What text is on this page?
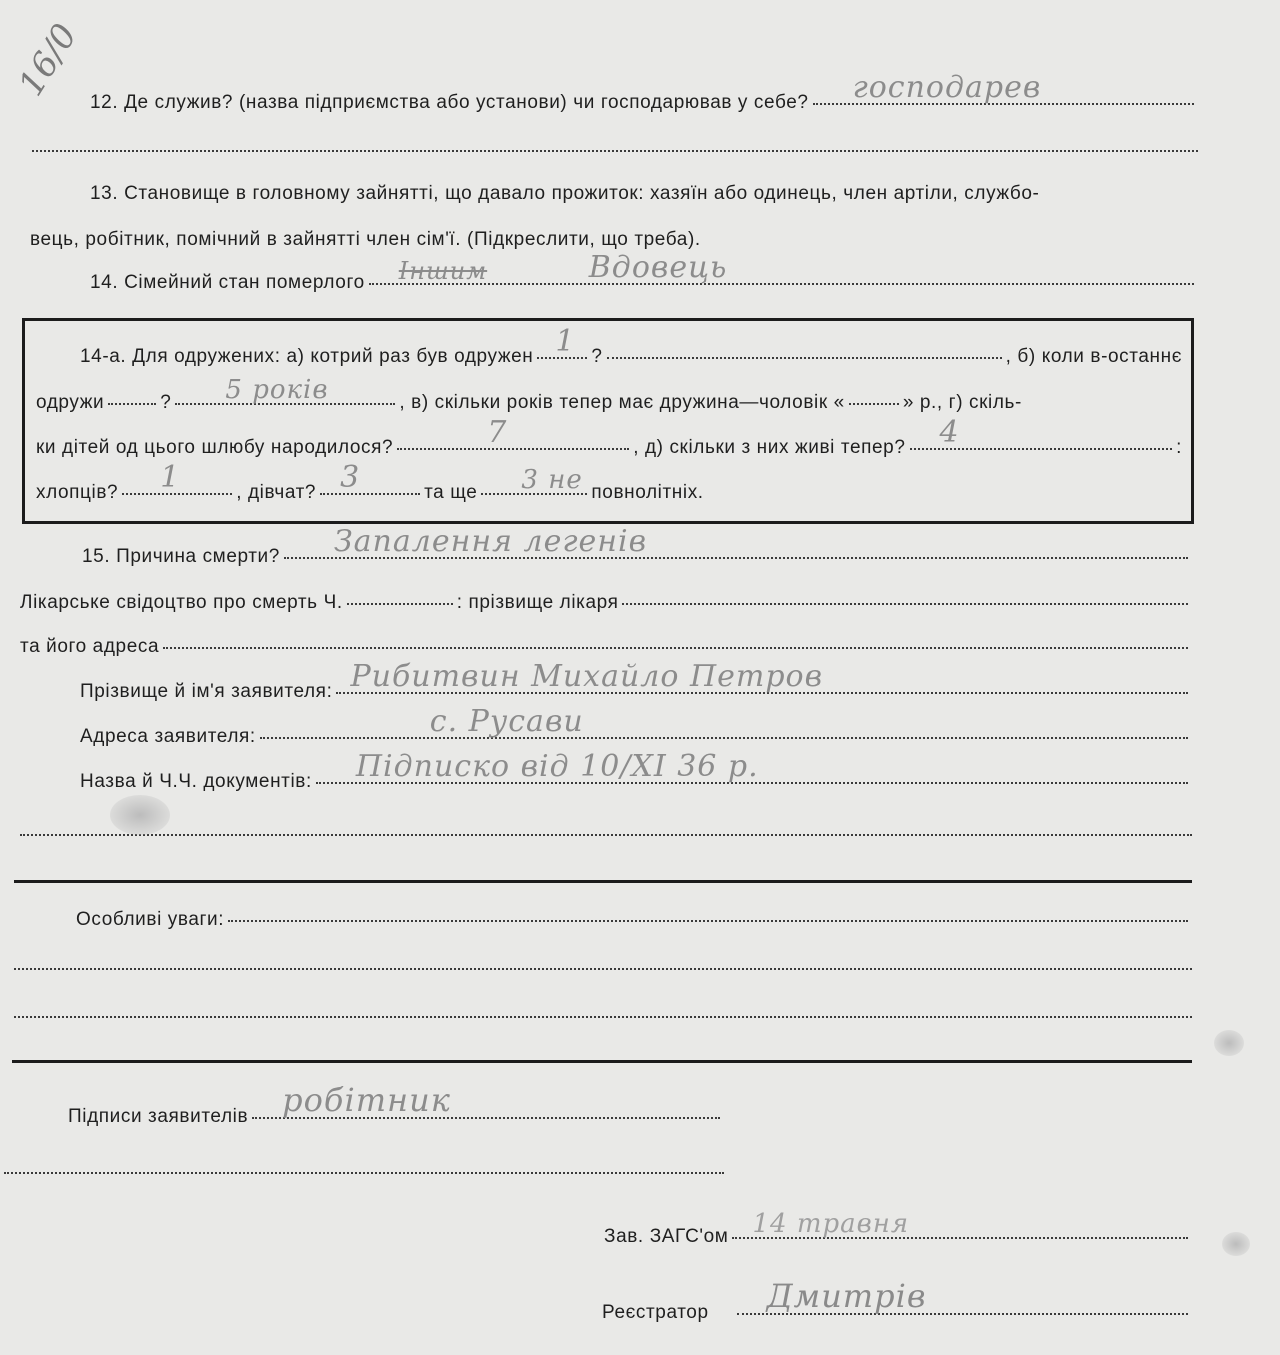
16/0 12. Де служив? (назва підприємства або установи) чи господарював у себе? господарев
13. Становище в головному зайнятті, що давало прожиток: хазяїн або одинець, член артіли, службо-
вець, робітник, помічний в зайнятті член сім'ї. (Підкреслити, що треба).
14. Сімейний стан померлого Іншим	Вдовець
14-а. Для одружених: а) котрий раз був одружен 1 ?	, б) коли в-останнє
одружи	? 5 років	, в) скільки років тепер має дружина—чоловік «	» р., г) скіль-
ки дітей од цього шлюбу народилося?	7	, д) скільки з них живі тепер? 4	:
хлопців? 1	, дівчат? 3	та ще 3 не повнолітніх.
15. Причина смерти? Запалення легенів
Лікарське свідоцтво про смерть Ч.	: прізвище лікаря
та його адреса
Прізвище й ім'я заявителя: Рибитвин Михайло Петров
Адреса заявителя:	с. Русави
Назва й Ч.Ч. документів: Підписко від 10/XI 36 р.
Особливі уваги:
Підписи заявителів робітник
Зав. ЗАГС'ом 14 травня
Реєстратор Дмитрів
